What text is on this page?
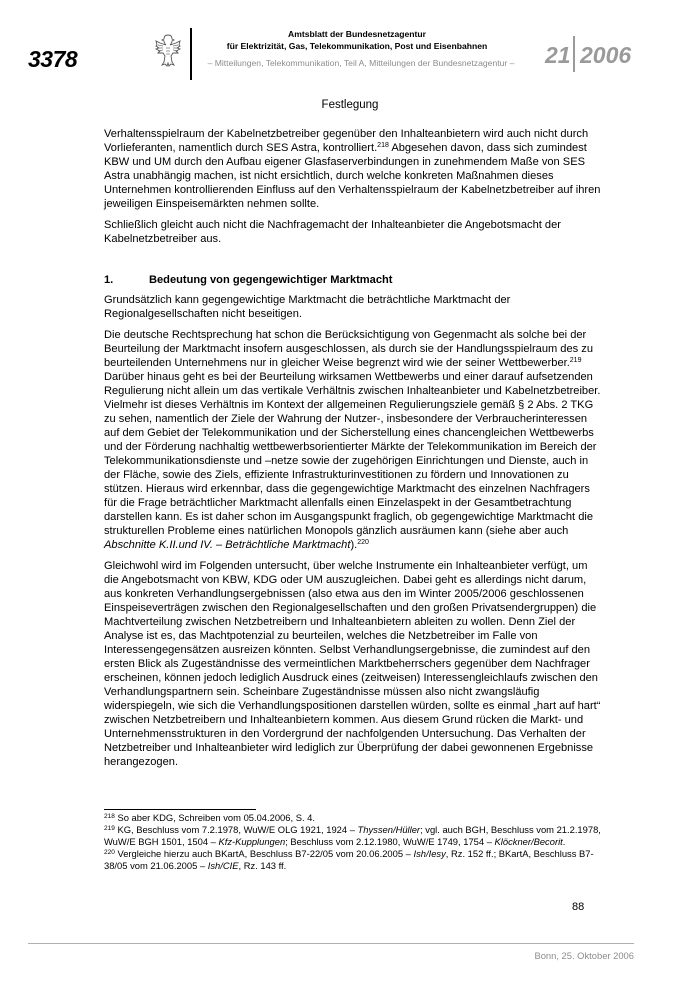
3378
Amtsblatt der Bundesnetzagentur
für Elektrizität, Gas, Telekommunikation, Post und Eisenbahnen
– Mitteilungen, Telekommunikation, Teil A, Mitteilungen der Bundesnetzagentur –	21 2006
Festlegung

Verhaltensspielraum der Kabelnetzbetreiber gegenüber den Inhalteanbietern wird auch nicht durch Vorlieferanten, namentlich durch SES Astra, kontrolliert.$^{218}$ Abgesehen davon, dass sich zumindest KBW und UM durch den Aufbau eigener Glasfaserverbindungen in zunehmendem Maße von SES Astra unabhängig machen, ist nicht ersichtlich, durch welche konkreten Maßnahmen dieses Unternehmen kontrollierenden Einfluss auf den Verhaltensspielraum der Kabelnetzbetreiber auf ihren jeweiligen Einspeisemärkten nehmen sollte.

Schließlich gleicht auch nicht die Nachfragemacht der Inhalteanbieter die Angebotsmacht der Kabelnetzbetreiber aus.

1.	Bedeutung von gegengewichtiger Marktmacht

Grundsätzlich kann gegengewichtige Marktmacht die beträchtliche Marktmacht der Regionalgesellschaften nicht beseitigen.

Die deutsche Rechtsprechung hat schon die Berücksichtigung von Gegenmacht als solche bei der Beurteilung der Marktmacht insofern ausgeschlossen, als durch sie der Handlungsspielraum des zu beurteilenden Unternehmens nur in gleicher Weise begrenzt wird wie der seiner Wettbewerber.$^{219}$ Darüber hinaus geht es bei der Beurteilung wirksamen Wettbewerbs und einer darauf aufsetzenden Regulierung nicht allein um das vertikale Verhältnis zwischen Inhalteanbieter und Kabelnetzbetreiber. Vielmehr ist dieses Verhältnis im Kontext der allgemeinen Regulierungsziele gemäß § 2 Abs. 2 TKG zu sehen, namentlich der Ziele der Wahrung der Nutzer-, insbesondere der Verbraucherinteressen auf dem Gebiet der Telekommunikation und der Sicherstellung eines chancengleichen Wettbewerbs und der Förderung nachhaltig wettbewerbsorientierter Märkte der Telekommunikation im Bereich der Telekommunikationsdienste und –netze sowie der zugehörigen Einrichtungen und Dienste, auch in der Fläche, sowie des Ziels, effiziente Infrastrukturinvestitionen zu fördern und Innovationen zu stützen. Hieraus wird erkennbar, dass die gegengewichtige Marktmacht des einzelnen Nachfragers für die Frage beträchtlicher Marktmacht allenfalls einen Einzelaspekt in der Gesamtbetrachtung darstellen kann. Es ist daher schon im Ausgangspunkt fraglich, ob gegengewichtige Marktmacht die strukturellen Probleme eines natürlichen Monopols gänzlich ausräumen kann (siehe aber auch Abschnitte K.II.und IV. – Beträchtliche Marktmacht).$^{220}$

Gleichwohl wird im Folgenden untersucht, über welche Instrumente ein Inhalteanbieter verfügt, um die Angebotsmacht von KBW, KDG oder UM auszugleichen. Dabei geht es allerdings nicht darum, aus konkreten Verhandlungsergebnissen (also etwa aus den im Winter 2005/2006 geschlossenen Einspeiseverträgen zwischen den Regionalgesellschaften und den großen Privatsendergruppen) die Machtverteilung zwischen Netzbetreibern und Inhalteanbietern ableiten zu wollen. Denn Ziel der Analyse ist es, das Machtpotenzial zu beurteilen, welches die Netzbetreiber im Falle von Interessengegensätzen ausreizen könnten. Selbst Verhandlungsergebnisse, die zumindest auf den ersten Blick als Zugeständnisse des vermeintlichen Marktbeherrschers gegenüber dem Nachfrager erscheinen, können jedoch lediglich Ausdruck eines (zeitweisen) Interessengleichlaufs zwischen den Verhandlungspartnern sein. Scheinbare Zugeständnisse müssen also nicht zwangsläufig widerspiegeln, wie sich die Verhandlungspositionen darstellen würden, sollte es einmal „hart auf hart“ zwischen Netzbetreibern und Inhalteanbietern kommen. Aus diesem Grund rücken die Markt- und Unternehmensstrukturen in den Vordergrund der nachfolgenden Untersuchung. Das Verhalten der Netzbetreiber und Inhalteanbieter wird lediglich zur Überprüfung der dabei gewonnenen Ergebnisse herangezogen.

$^{218}$ So aber KDG, Schreiben vom 05.04.2006, S. 4.
$^{219}$ KG, Beschluss vom 7.2.1978, WuW/E OLG 1921, 1924 – Thyssen/Hüller; vgl. auch BGH, Beschluss vom 21.2.1978, WuW/E BGH 1501, 1504 – Kfz-Kupplungen; Beschluss vom 2.12.1980, WuW/E 1749, 1754 – Klöckner/Becorit.
$^{220}$ Vergleiche hierzu auch BKartA, Beschluss B7-22/05 vom 20.06.2005 – Ish/Iesy, Rz. 152 ff.; BKartA, Beschluss B7-38/05 vom 21.06.2005 – Ish/CIE, Rz. 143 ff.
88
Bonn, 25. Oktober 2006
